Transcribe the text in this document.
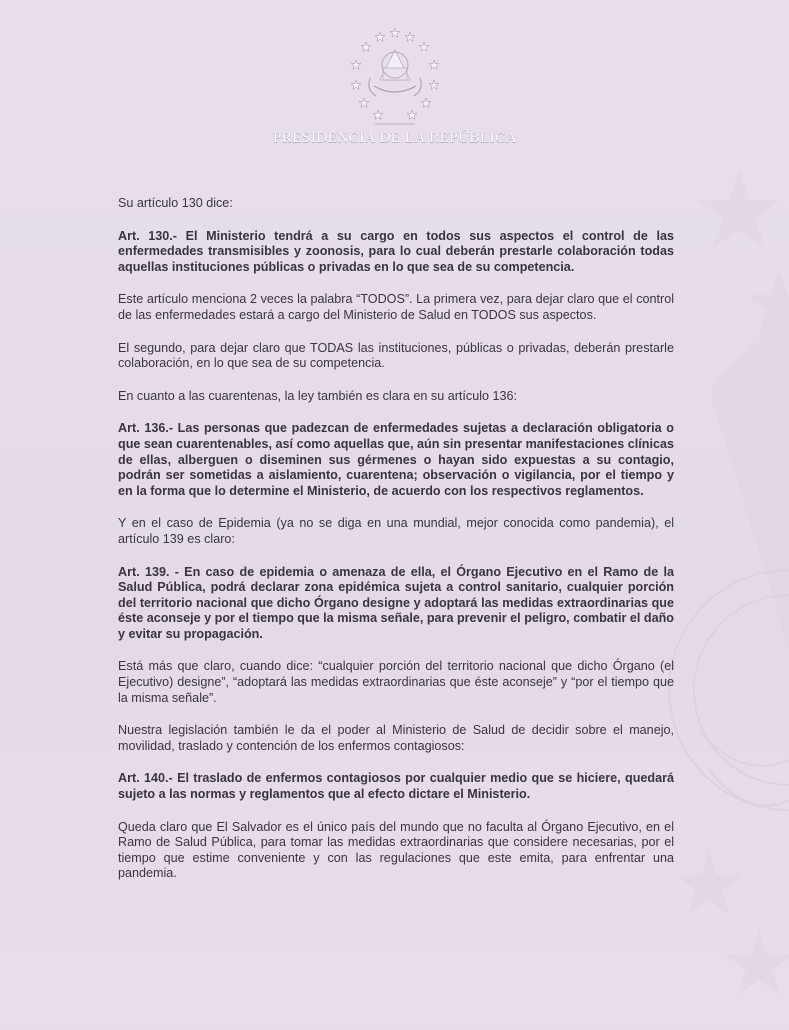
PRESIDENCIA DE LA REPÚBLICA

Su artículo 130 dice:

Art. 130.- El Ministerio tendrá a su cargo en todos sus aspectos el control de las enfermedades transmisibles y zoonosis, para lo cual deberán prestarle colaboración todas aquellas instituciones públicas o privadas en lo que sea de su competencia.

Este artículo menciona 2 veces la palabra “TODOS”. La primera vez, para dejar claro que el control de las enfermedades estará a cargo del Ministerio de Salud en TODOS sus aspectos.

El segundo, para dejar claro que TODAS las instituciones, públicas o privadas, deberán prestarle colaboración, en lo que sea de su competencia.

En cuanto a las cuarentenas, la ley también es clara en su artículo 136:

Art. 136.- Las personas que padezcan de enfermedades sujetas a declaración obligatoria o que sean cuarentenables, así como aquellas que, aún sin presentar manifestaciones clínicas de ellas, alberguen o diseminen sus gérmenes o hayan sido expuestas a su contagio, podrán ser sometidas a aislamiento, cuarentena; observación o vigilancia, por el tiempo y en la forma que lo determine el Ministerio, de acuerdo con los respectivos reglamentos.

Y en el caso de Epidemia (ya no se diga en una mundial, mejor conocida como pandemia), el artículo 139 es claro:

Art. 139. - En caso de epidemia o amenaza de ella, el Órgano Ejecutivo en el Ramo de la Salud Pública, podrá declarar zona epidémica sujeta a control sanitario, cualquier porción del territorio nacional que dicho Órgano designe y adoptará las medidas extraordinarias que éste aconseje y por el tiempo que la misma señale, para prevenir el peligro, combatir el daño y evitar su propagación.

Está más que claro, cuando dice: “cualquier porción del territorio nacional que dicho Órgano (el Ejecutivo) designe”, “adoptará las medidas extraordinarias que éste aconseje” y “por el tiempo que la misma señale”.

Nuestra legislación también le da el poder al Ministerio de Salud de decidir sobre el manejo, movilidad, traslado y contención de los enfermos contagiosos:

Art. 140.- El traslado de enfermos contagiosos por cualquier medio que se hiciere, quedará sujeto a las normas y reglamentos que al efecto dictare el Ministerio.

Queda claro que El Salvador es el único país del mundo que no faculta al Órgano Ejecutivo, en el Ramo de Salud Pública, para tomar las medidas extraordinarias que considere necesarias, por el tiempo que estime conveniente y con las regulaciones que este emita, para enfrentar una pandemia.
